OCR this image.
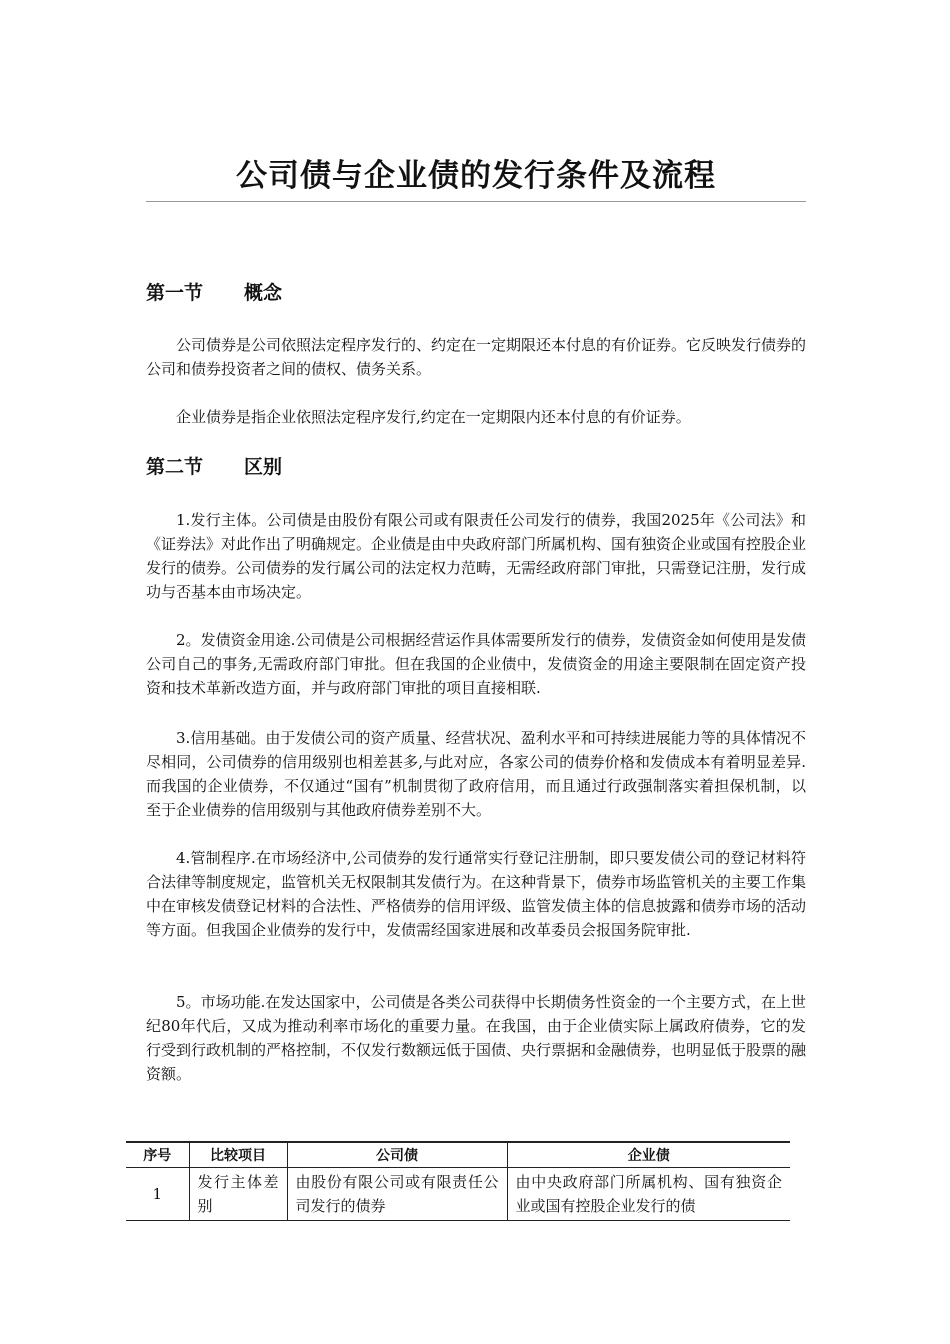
公司债与企业债的发行条件及流程
第一节 概念

公司债券是公司依照法定程序发行的、约定在一定期限还本付息的有价证券。它反映发行债券的公司和债券投资者之间的债权、债务关系。

企业债券是指企业依照法定程序发行,约定在一定期限内还本付息的有价证券。

第二节 区别

1.发行主体。公司债是由股份有限公司或有限责任公司发行的债券，我国2025年《公司法》和《证券法》对此作出了明确规定。企业债是由中央政府部门所属机构、国有独资企业或国有控股企业发行的债券。公司债券的发行属公司的法定权力范畴，无需经政府部门审批，只需登记注册，发行成功与否基本由市场决定。

2。发债资金用途.公司债是公司根据经营运作具体需要所发行的债券，发债资金如何使用是发债公司自己的事务,无需政府部门审批。但在我国的企业债中，发债资金的用途主要限制在固定资产投资和技术革新改造方面，并与政府部门审批的项目直接相联.

3.信用基础。由于发债公司的资产质量、经营状况、盈利水平和可持续进展能力等的具体情况不尽相同，公司债券的信用级别也相差甚多,与此对应，各家公司的债券价格和发债成本有着明显差异.而我国的企业债券，不仅通过“国有”机制贯彻了政府信用，而且通过行政强制落实着担保机制，以至于企业债券的信用级别与其他政府债券差别不大。

4.管制程序.在市场经济中,公司债券的发行通常实行登记注册制，即只要发债公司的登记材料符合法律等制度规定，监管机关无权限制其发债行为。在这种背景下，债券市场监管机关的主要工作集中在审核发债登记材料的合法性、严格债券的信用评级、监管发债主体的信息披露和债券市场的活动等方面。但我国企业债券的发行中，发债需经国家进展和改革委员会报国务院审批.

5。市场功能.在发达国家中，公司债是各类公司获得中长期债务性资金的一个主要方式，在上世纪80年代后，又成为推动利率市场化的重要力量。在我国，由于企业债实际上属政府债券，它的发行受到行政机制的严格控制，不仅发行数额远低于国债、央行票据和金融债券，也明显低于股票的融资额。

序号	比较项目	公司债	企业债
1	发行主体差别	由股份有限公司或有限责任公司发行的债券	由中央政府部门所属机构、国有独资企业或国有控股企业发行的债
